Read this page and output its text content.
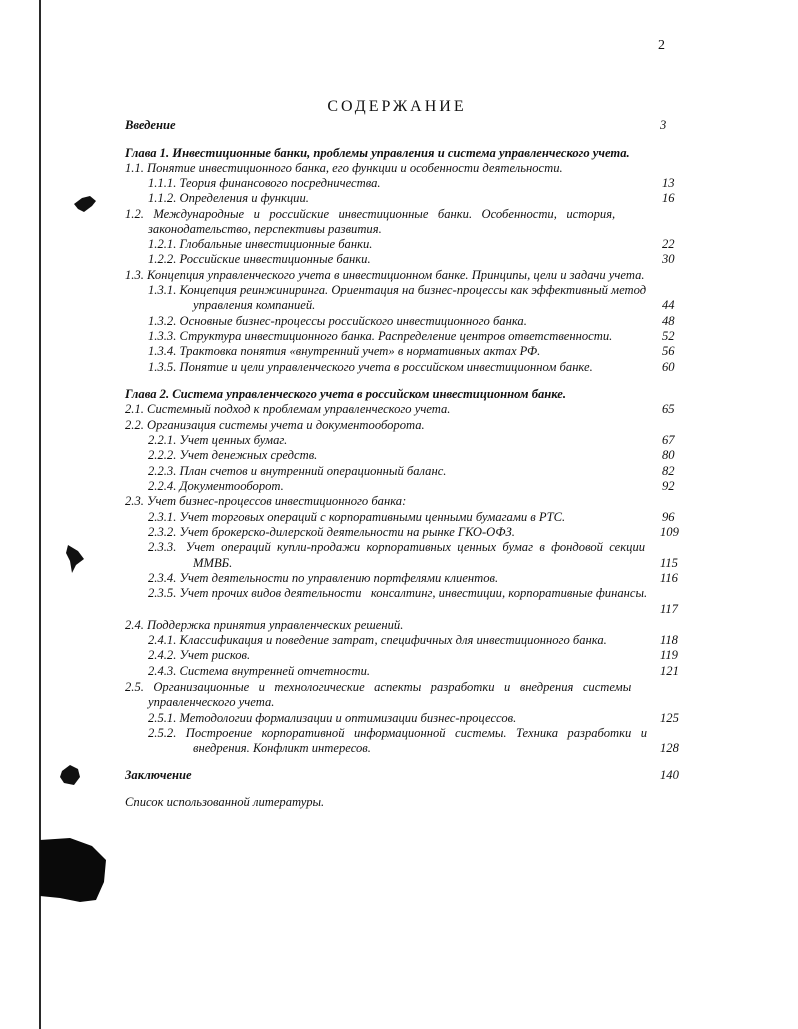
2
СОДЕРЖАНИЕ
Введение	3
Глава 1. Инвестиционные банки, проблемы управления и система управленческого учета.
1.1. Понятие инвестиционного банка, его функции и особенности деятельности.
1.1.1. Теория финансового посредничества.	13
1.1.2. Определения и функции.	16
1.2.   Международные   и   российские   инвестиционные   банки.   Особенности,   история,
законодательство, перспективы развития.
1.2.1. Глобальные инвестиционные банки.	22
1.2.2. Российские инвестиционные банки.	30
1.3. Концепция управленческого учета в инвестиционном банке. Принципы, цели и задачи учета.
1.3.1. Концепция реинжиниринга. Ориентация на бизнес-процессы как эффективный метод
управления компанией.	44
1.3.2. Основные бизнес-процессы российского инвестиционного банка.	48
1.3.3. Структура инвестиционного банка. Распределение центров ответственности.	52
1.3.4. Трактовка понятия «внутренний учет» в нормативных актах РФ.	56
1.3.5. Понятие и цели управленческого учета в российском инвестиционном банке.	60
Глава 2. Система управленческого учета в российском инвестиционном банке.
2.1. Системный подход к проблемам управленческого учета.	65
2.2. Организация системы учета и документооборота.
2.2.1. Учет ценных бумаг.	67
2.2.2. Учет денежных средств.	80
2.2.3. План счетов и внутренний операционный баланс.	82
2.2.4. Документооборот.	92
2.3. Учет бизнес-процессов инвестиционного банка:
2.3.1. Учет торговых операций с корпоративными ценными бумагами в РТС.	96
2.3.2. Учет брокерско-дилерской деятельности на рынке ГКО-ОФЗ.	109
2.3.3.   Учет  операций  купли-продажи  корпоративных  ценных  бумаг  в  фондовой  секции
ММВБ.	115
2.3.4. Учет деятельности по управлению портфелями клиентов.	116
2.3.5. Учет прочих видов деятельности   консалтинг, инвестиции, корпоративные финансы.
117
2.4. Поддержка принятия управленческих решений.
2.4.1. Классификация и поведение затрат, специфичных для инвестиционного банка.	118
2.4.2. Учет рисков.	119
2.4.3. Система внутренней отчетности.	121
2.5.   Организационные   и   технологические   аспекты   разработки   и   внедрения   системы
управленческого учета.
2.5.1. Методологии формализации и оптимизации бизнес-процессов.	125
2.5.2.   Построение   корпоративной   информационной   системы.   Техника   разработки   и
внедрения. Конфликт интересов.	128
Заключение	140
Список использованной литературы.
